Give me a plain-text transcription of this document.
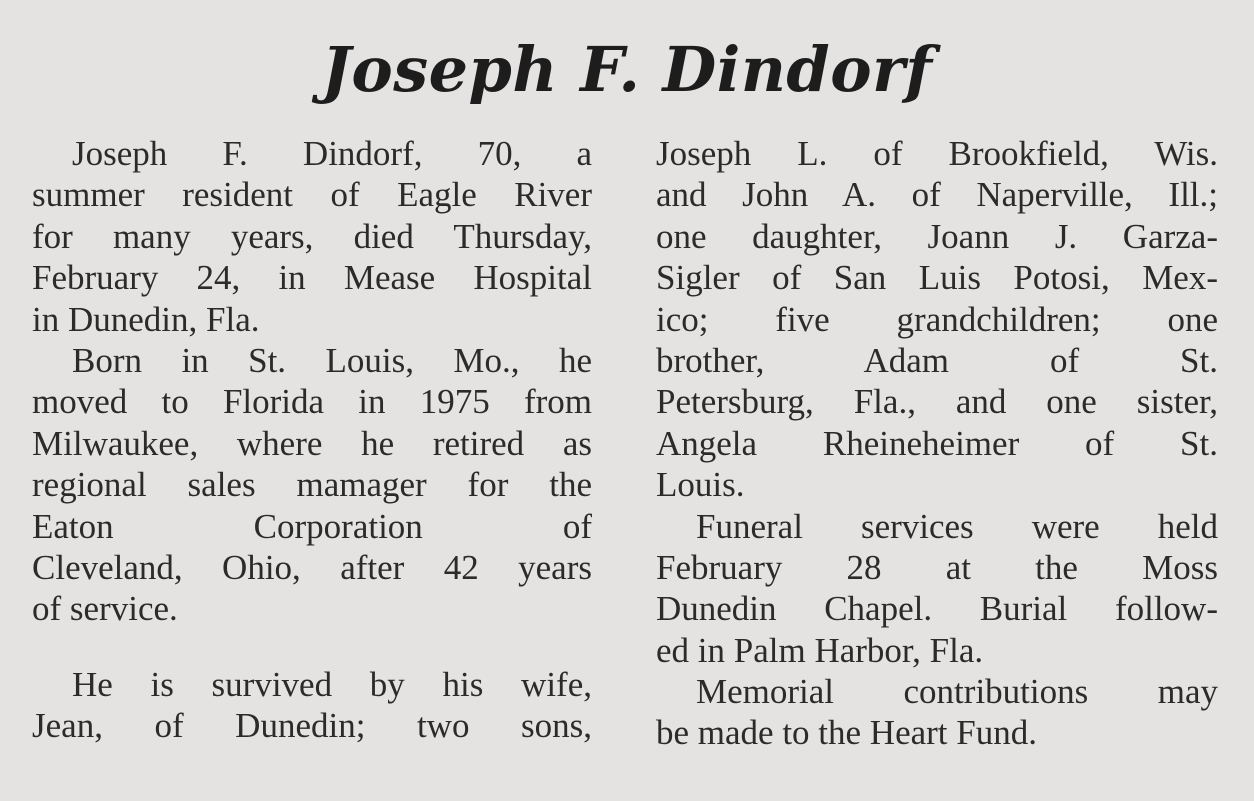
Joseph F. Dindorf
Joseph F. Dindorf, 70, a
summer resident of Eagle River
for many years, died Thursday,
February 24, in Mease Hospital
in Dunedin, Fla.
Born in St. Louis, Mo., he
moved to Florida in 1975 from
Milwaukee, where he retired as
regional sales mamager for the
Eaton Corporation of
Cleveland, Ohio, after 42 years
of service.
He is survived by his wife,
Jean, of Dunedin; two sons,
Joseph L. of Brookfield, Wis.
and John A. of Naperville, Ill.;
one daughter, Joann J. Garza-
Sigler of San Luis Potosi, Mex-
ico; five grandchildren; one
brother, Adam of St.
Petersburg, Fla., and one sister,
Angela Rheineheimer of St.
Louis.
Funeral services were held
February 28 at the Moss
Dunedin Chapel. Burial follow-
ed in Palm Harbor, Fla.
Memorial contributions may
be made to the Heart Fund.
